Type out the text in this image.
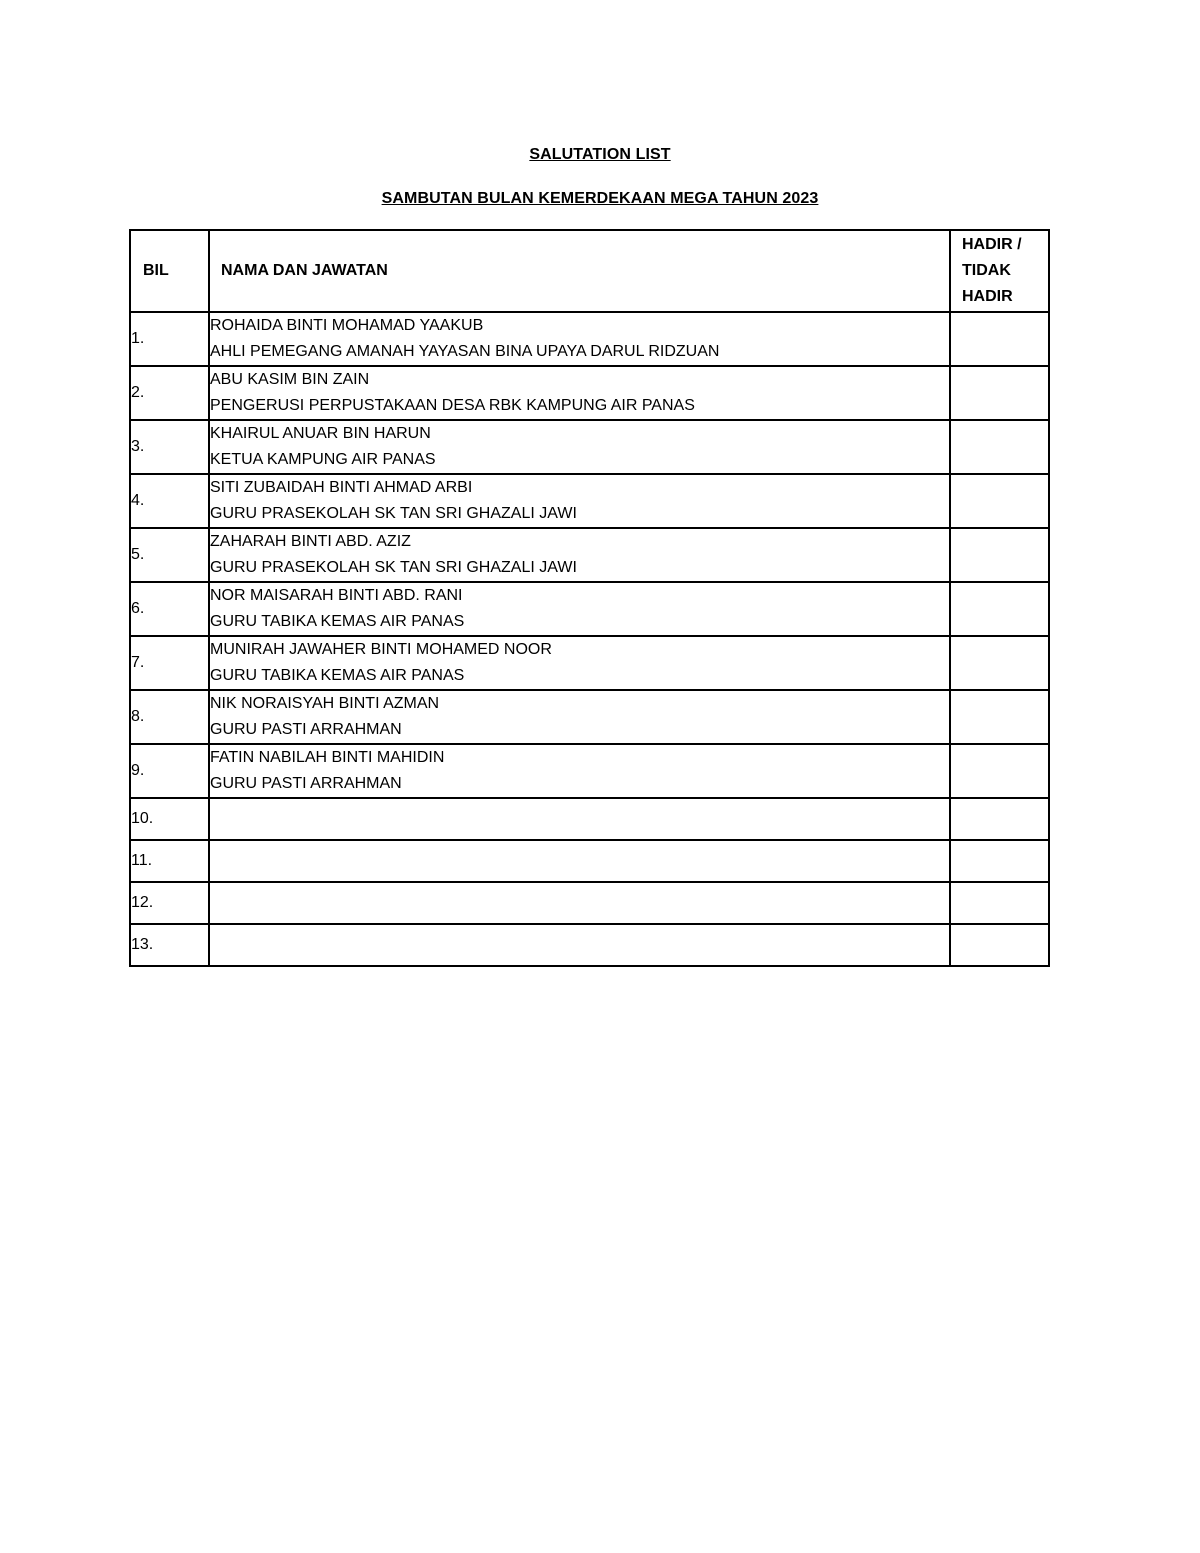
SALUTATION LIST
SAMBUTAN BULAN KEMERDEKAAN MEGA TAHUN 2023
BIL	NAMA DAN JAWATAN	HADIR / TIDAK HADIR
1.	ROHAIDA BINTI MOHAMAD YAAKUB
AHLI PEMEGANG AMANAH YAYASAN BINA UPAYA DARUL RIDZUAN	

2.	ABU KASIM BIN ZAIN
PENGERUSI PERPUSTAKAAN DESA RBK KAMPUNG AIR PANAS	

3.	KHAIRUL ANUAR BIN HARUN
KETUA KAMPUNG AIR PANAS	

4.	SITI ZUBAIDAH BINTI AHMAD ARBI
GURU PRASEKOLAH SK TAN SRI GHAZALI JAWI	

5.	ZAHARAH BINTI ABD. AZIZ
GURU PRASEKOLAH SK TAN SRI GHAZALI JAWI	

6.	NOR MAISARAH BINTI ABD. RANI
GURU TABIKA KEMAS AIR PANAS	

7.	MUNIRAH JAWAHER BINTI MOHAMED NOOR
GURU TABIKA KEMAS AIR PANAS	

8.	NIK NORAISYAH BINTI AZMAN
GURU PASTI ARRAHMAN	

9.	FATIN NABILAH BINTI MAHIDIN
GURU PASTI ARRAHMAN	

10.		
11.		
12.		
13.		
